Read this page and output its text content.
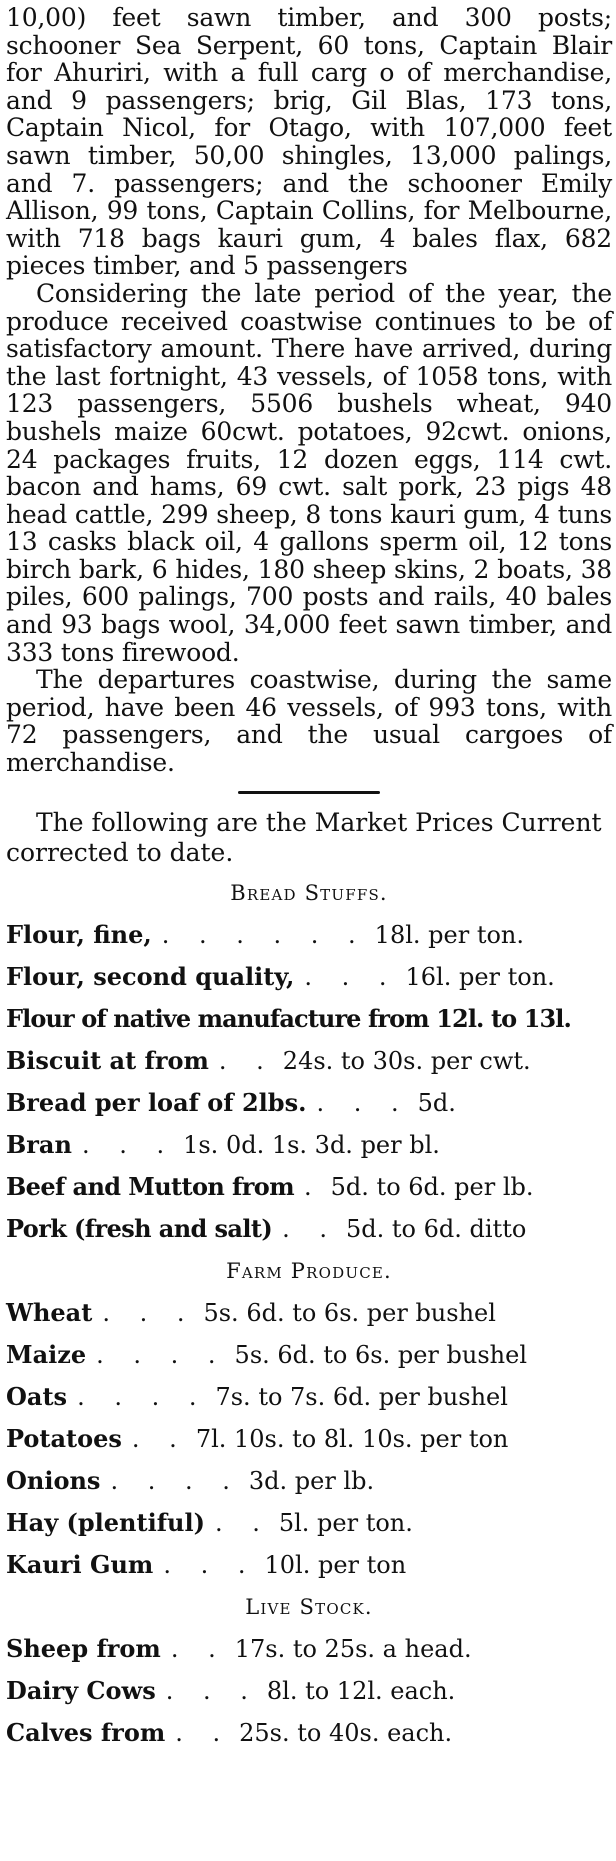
10,00) feet sawn timber, and 300 posts; schooner Sea Serpent, 60 tons, Captain Blair for Ahuriri, with a full carg o of merchandise, and 9 passengers; brig, Gil Blas, 173 tons, Captain Nicol, for Otago, with 107,000 feet sawn timber, 50,00 shingles, 13,000 palings, and 7. passengers; and the schooner Emily Allison, 99 tons, Captain Collins, for Melbourne, with 718 bags kauri gum, 4 bales flax, 682 pieces timber, and 5 passengers

Considering the late period of the year, the produce received coastwise continues to be of satisfactory amount. There have arrived, during the last fortnight, 43 vessels, of 1058 tons, with 123 passengers, 5506 bushels wheat, 940 bushels maize 60cwt. potatoes, 92cwt. onions, 24 packages fruits, 12 dozen eggs, 114 cwt. bacon and hams, 69 cwt. salt pork, 23 pigs 48 head cattle, 299 sheep, 8 tons kauri gum, 4 tuns 13 casks black oil, 4 gallons sperm oil, 12 tons birch bark, 6 hides, 180 sheep skins, 2 boats, 38 piles, 600 palings, 700 posts and rails, 40 bales and 93 bags wool, 34,000 feet sawn timber, and 333 tons firewood.

The departures coastwise, during the same period, have been 46 vessels, of 993 tons, with 72 passengers, and the usual cargoes of merchandise.

The following are the Market Prices Current corrected to date.

Bread Stuffs.
Flour, fine, . . . . . . 18l. per ton.
Flour, second quality, . . . 16l. per ton.
Flour of native manufacture from 12l. to 13l.
Biscuit at from . . 24s. to 30s. per cwt.
Bread per loaf of 2lbs. . . . 5d.
Bran . . . 1s. 0d. 1s. 3d. per bl.
Beef and Mutton from . 5d. to 6d. per lb.
Pork (fresh and salt) . . 5d. to 6d. ditto
Farm Produce.
Wheat . . . 5s. 6d. to 6s. per bushel
Maize . . . . 5s. 6d. to 6s. per bushel
Oats . . . . 7s. to 7s. 6d. per bushel
Potatoes . . 7l. 10s. to 8l. 10s. per ton
Onions . . . . 3d. per lb.
Hay (plentiful) . . 5l. per ton.
Kauri Gum . . . 10l. per ton
Live Stock.
Sheep from . . 17s. to 25s. a head.
Dairy Cows . . . 8l. to 12l. each.
Calves from . . 25s. to 40s. each.
